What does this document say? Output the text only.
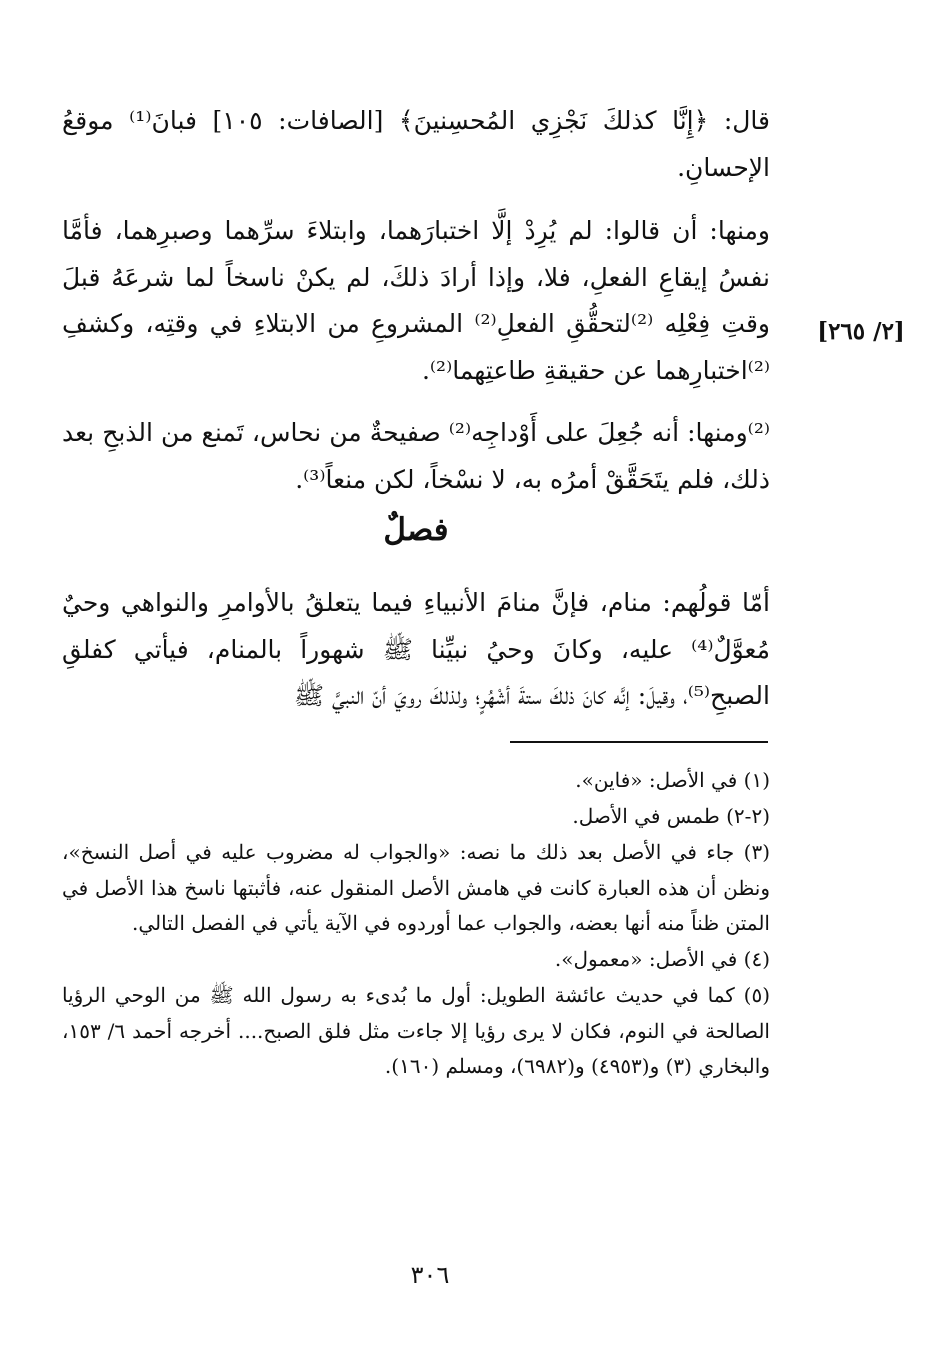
قال: ﴿إِنَّا كذلكَ نَجْزِي المُحسِنينَ﴾ [الصافات: ١٠٥] فبانَ⁽¹⁾ موقعُ الإحسانِ.

ومنها: أن قالوا: لم يُرِدْ إلَّا اختبارَهما، وابتلاءَ سرِّهما وصبرِهما، فأمَّا نفسُ إيقاعِ الفعلِ، فلا، وإذا أرادَ ذلكَ، لم يكنْ ناسخاً لما شرعَهُ قبلَ وقتِ فِعْلِه ⁽²⁾لتحقُّقِ الفعلِ⁽²⁾ المشروعِ من الابتلاءِ في وقتِه، وكشفِ ⁽²⁾اختبارِهما عن حقيقةِ طاعتِهما⁽²⁾.

[٢/ ٢٦٥]

⁽²⁾ومنها: أنه جُعِلَ على أَوْداجِه⁽²⁾ صفيحةٌ من نحاس، تَمنع من الذبحِ بعد ذلك، فلم يتَحَقَّقْ أمرُه به، لا نسْخاً، لكن منعاً⁽³⁾.

فصلٌ

أمّا قولُهم: منام، فإنَّ منامَ الأنبياءِ فيما يتعلقُ بالأوامرِ والنواهي وحيٌ مُعوَّلٌ⁽⁴⁾ عليه، وكانَ وحيُ نبيِّنا ﷺ شهوراً بالمنام، فيأتي كفلقِ الصبحِ⁽⁵⁾، وقيلَ: إنَّه كانَ ذلكَ ستةَ أشْهُرٍ؛ ولذلكَ رويَ أنّ النبيَّ ﷺ

(١) في الأصل: «فاين».

(٢-٢) طمس في الأصل.

(٣) جاء في الأصل بعد ذلك ما نصه: «والجواب له مضروب عليه في أصل النسخ»، ونظن أن هذه العبارة كانت في هامش الأصل المنقول عنه، فأثبتها ناسخ هذا الأصل في المتن ظناً منه أنها بعضه، والجواب عما أوردوه في الآية يأتي في الفصل التالي.

(٤) في الأصل: «معمول».

(٥) كما في حديث عائشة الطويل: أول ما بُدىء به رسول الله ﷺ من الوحي الرؤيا الصالحة في النوم، فكان لا يرى رؤيا إلا جاءت مثل فلق الصبح.... أخرجه أحمد ٦/ ١٥٣، والبخاري (٣) و(٤٩٥٣) و(٦٩٨٢)، ومسلم (١٦٠).

٣٠٦
